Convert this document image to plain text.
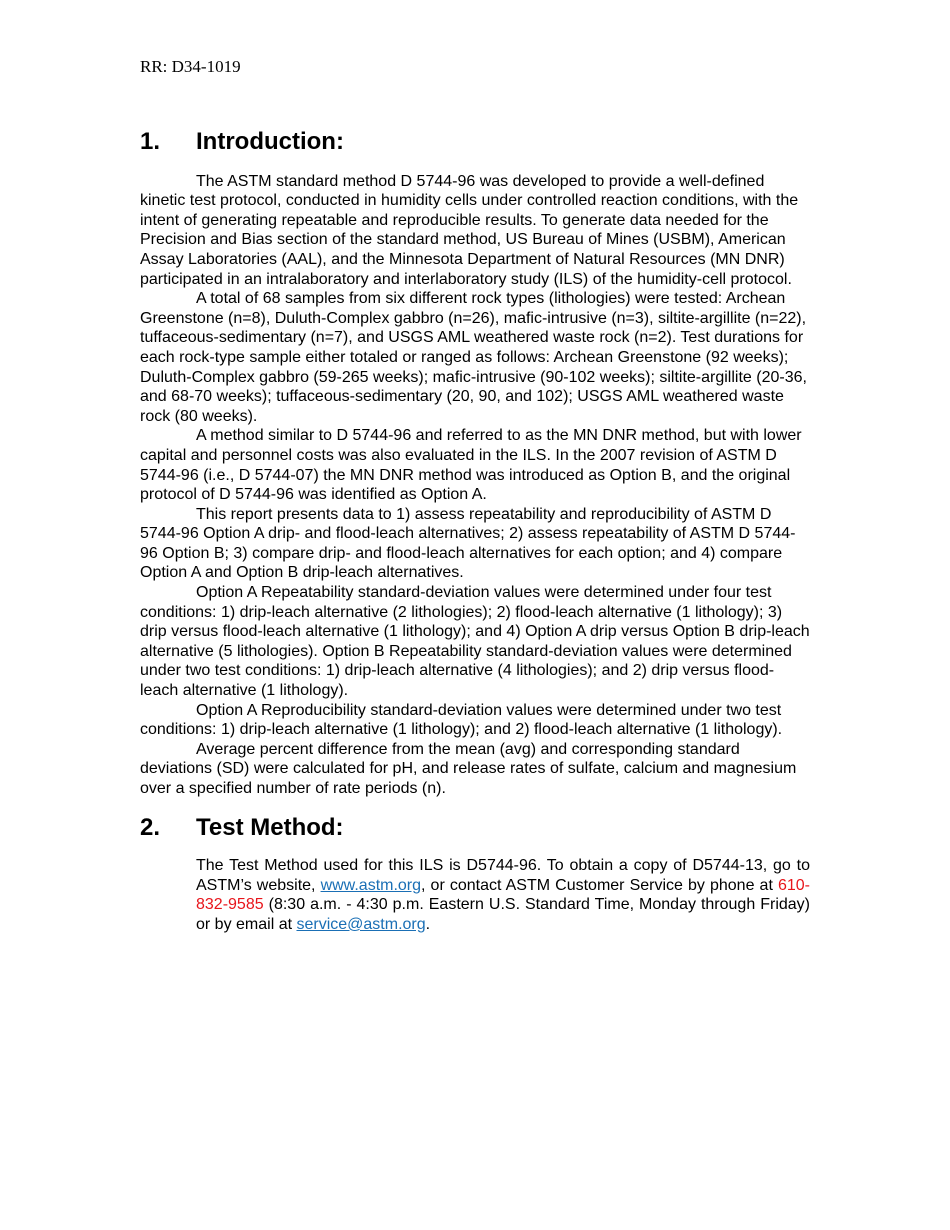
RR: D34-1019
1.	Introduction:

The ASTM standard method D 5744-96 was developed to provide a well-defined kinetic test protocol, conducted in humidity cells under controlled reaction conditions, with the intent of generating repeatable and reproducible results. To generate data needed for the Precision and Bias section of the standard method, US Bureau of Mines (USBM), American Assay Laboratories (AAL), and the Minnesota Department of Natural Resources (MN DNR) participated in an intralaboratory and interlaboratory study (ILS) of the humidity-cell protocol.

A total of 68 samples from six different rock types (lithologies) were tested: Archean Greenstone (n=8), Duluth-Complex gabbro (n=26), mafic-intrusive (n=3), siltite-argillite (n=22), tuffaceous-sedimentary (n=7), and USGS AML weathered waste rock (n=2). Test durations for each rock-type sample either totaled or ranged as follows: Archean Greenstone (92 weeks); Duluth-Complex gabbro (59-265 weeks); mafic-intrusive (90-102 weeks); siltite-argillite (20-36, and 68-70 weeks); tuffaceous-sedimentary (20, 90, and 102); USGS AML weathered waste rock (80 weeks).

A method similar to D 5744-96 and referred to as the MN DNR method, but with lower capital and personnel costs was also evaluated in the ILS. In the 2007 revision of ASTM D 5744-96 (i.e., D 5744-07) the MN DNR method was introduced as Option B, and the original protocol of D 5744-96 was identified as Option A.

This report presents data to 1) assess repeatability and reproducibility of ASTM D 5744-96 Option A drip- and flood-leach alternatives; 2) assess repeatability of ASTM D 5744-96 Option B; 3) compare drip- and flood-leach alternatives for each option; and 4) compare Option A and Option B drip-leach alternatives.

Option A Repeatability standard-deviation values were determined under four test conditions: 1) drip-leach alternative (2 lithologies); 2) flood-leach alternative (1 lithology); 3) drip versus flood-leach alternative (1 lithology); and 4) Option A drip versus Option B drip-leach alternative (5 lithologies). Option B Repeatability standard-deviation values were determined under two test conditions: 1) drip-leach alternative (4 lithologies); and 2) drip versus flood-leach alternative (1 lithology).

Option A Reproducibility standard-deviation values were determined under two test conditions: 1) drip-leach alternative (1 lithology); and 2) flood-leach alternative (1 lithology).

Average percent difference from the mean (avg) and corresponding standard deviations (SD) were calculated for pH, and release rates of sulfate, calcium and magnesium over a specified number of rate periods (n).

2.	Test Method:

The Test Method used for this ILS is D5744-96. To obtain a copy of D5744-13, go to ASTM’s website, www.astm.org, or contact ASTM Customer Service by phone at 610-832-9585 (8:30 a.m. - 4:30 p.m. Eastern U.S. Standard Time, Monday through Friday) or by email at service@astm.org.
